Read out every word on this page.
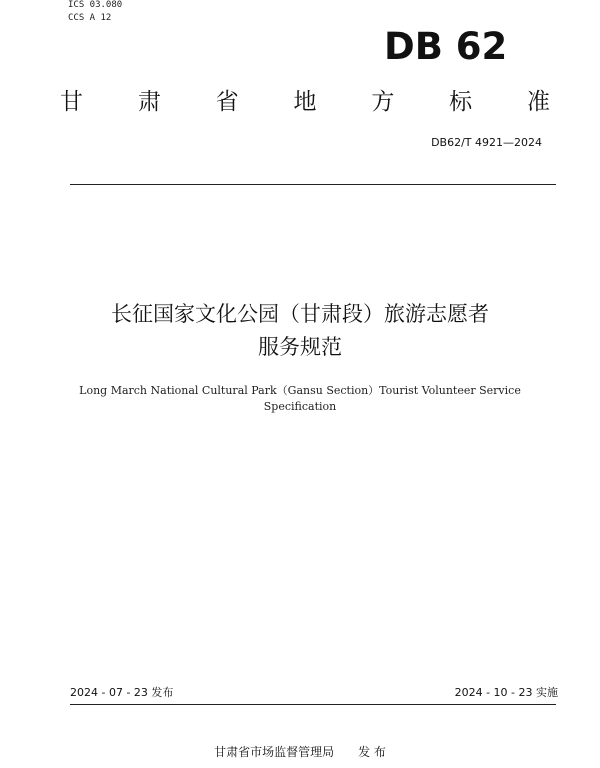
ICS 03.080
CCS A 12
DB 62
甘 肃 省 地 方 标 准
DB62/T 4921—2024
长征国家文化公园（甘肃段）旅游志愿者
服务规范
Long March National Cultural Park（Gansu Section）Tourist Volunteer Service
Specification
2024 - 07 - 23 发布	2024 - 10 - 23 实施
甘肃省市场监督管理局 发 布
